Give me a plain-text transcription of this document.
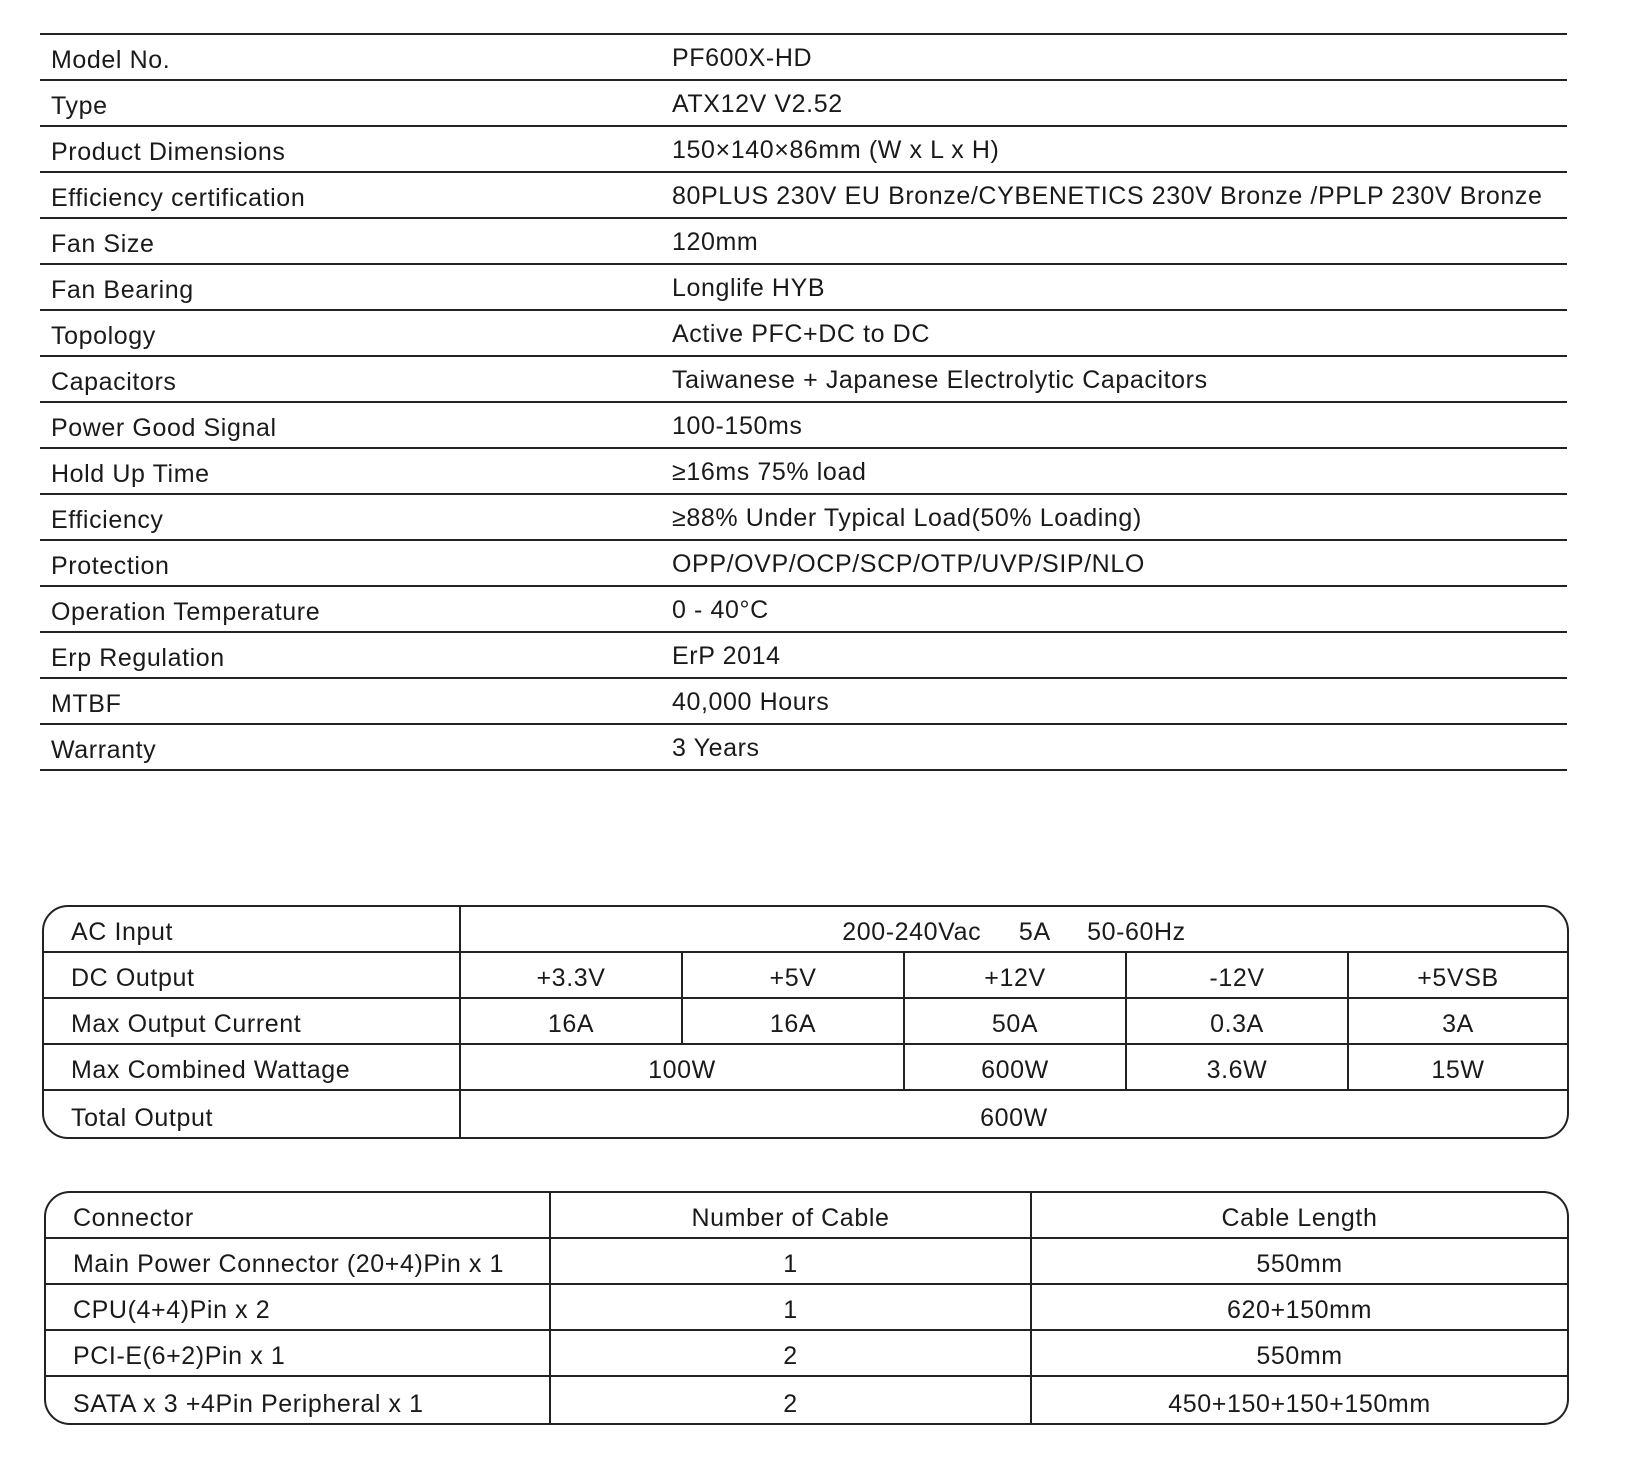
Model No.	PF600X-HD
Type	ATX12V V2.52
Product Dimensions	150×140×86mm (W x L x H)
Efficiency certification	80PLUS 230V EU Bronze/CYBENETICS 230V Bronze /PPLP 230V Bronze
Fan Size	120mm
Fan Bearing	Longlife HYB
Topology	Active PFC+DC to DC
Capacitors	Taiwanese + Japanese Electrolytic Capacitors
Power Good Signal	100-150ms
Hold Up Time	≥16ms 75% load
Efficiency	≥88% Under Typical Load(50% Loading)
Protection	OPP/OVP/OCP/SCP/OTP/UVP/SIP/NLO
Operation Temperature	0 - 40°C
Erp Regulation	ErP 2014
MTBF	40,000 Hours
Warranty	3 Years
AC Input	200-240Vac     5A     50-60Hz				
DC Output	+3.3V	+5V	+12V	-12V	+5VSB
Max Output Current	16A	16A	50A	0.3A	3A
Max Combined Wattage	100W		600W	3.6W	15W
Total Output	600W				
Connector	Number of Cable	Cable Length
Main Power Connector (20+4)Pin x 1	1	550mm
CPU(4+4)Pin x 2	1	620+150mm
PCI-E(6+2)Pin x 1	2	550mm
SATA x 3 +4Pin Peripheral x 1	2	450+150+150+150mm
